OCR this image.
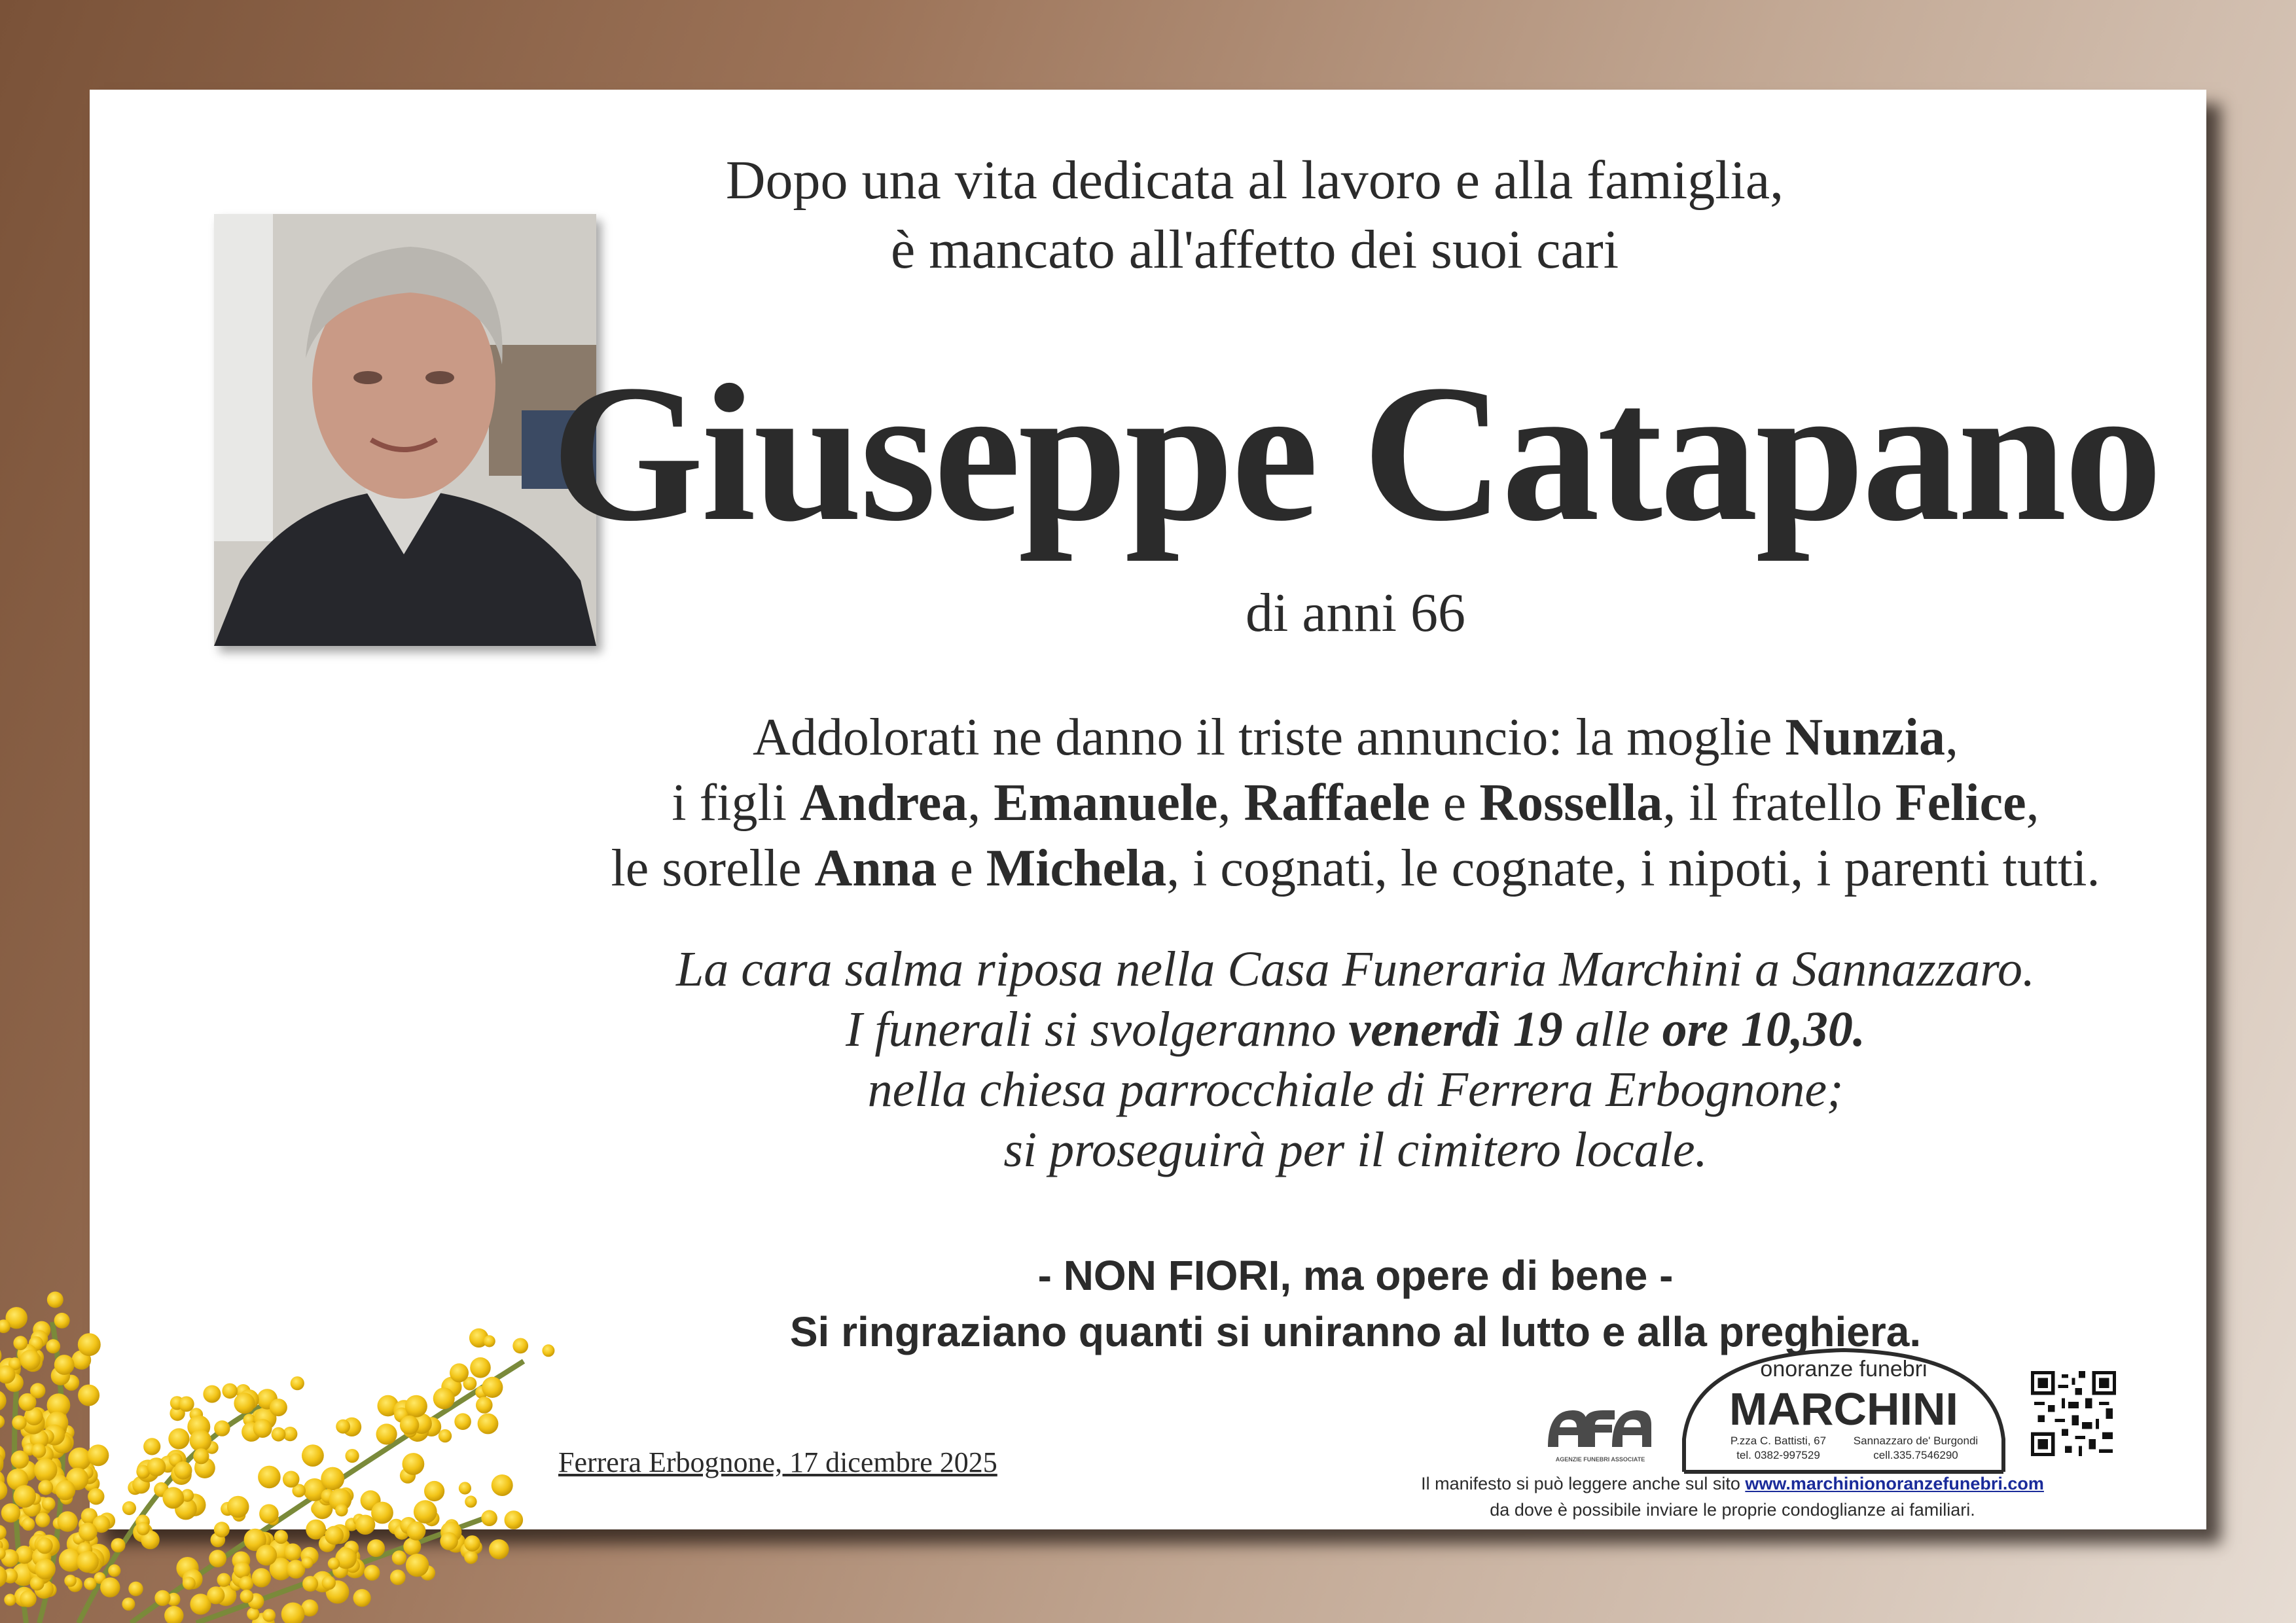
Dopo una vita dedicata al lavoro e alla famiglia,
è mancato all'affetto dei suoi cari
Giuseppe Catapano
di anni 66
Addolorati ne danno il triste annuncio: la moglie Nunzia,
i figli Andrea, Emanuele, Raffaele e Rossella, il fratello Felice,
le sorelle Anna e Michela, i cognati, le cognate, i nipoti, i parenti tutti.
La cara salma riposa nella Casa Funeraria Marchini a Sannazzaro.
I funerali si svolgeranno venerdì 19 alle ore 10,30.
nella chiesa parrocchiale di Ferrera Erbognone;
si proseguirà per il cimitero locale.
- NON FIORI, ma opere di bene -
Si ringraziano quanti si uniranno al lutto e alla preghiera.
Ferrera Erbognone, 17 dicembre 2025	AGENZIE FUNEBRI ASSOCIATE
AFA
onoranze funebri
MARCHINI
P.zza C. Battisti, 67 Sannazzaro de' Burgondi
tel. 0382-997529	cell.335.7546290
Il manifesto si può leggere anche sul sito www.marchinionoranzefunebri.com
da dove è possibile inviare le proprie condoglianze ai familiari.
